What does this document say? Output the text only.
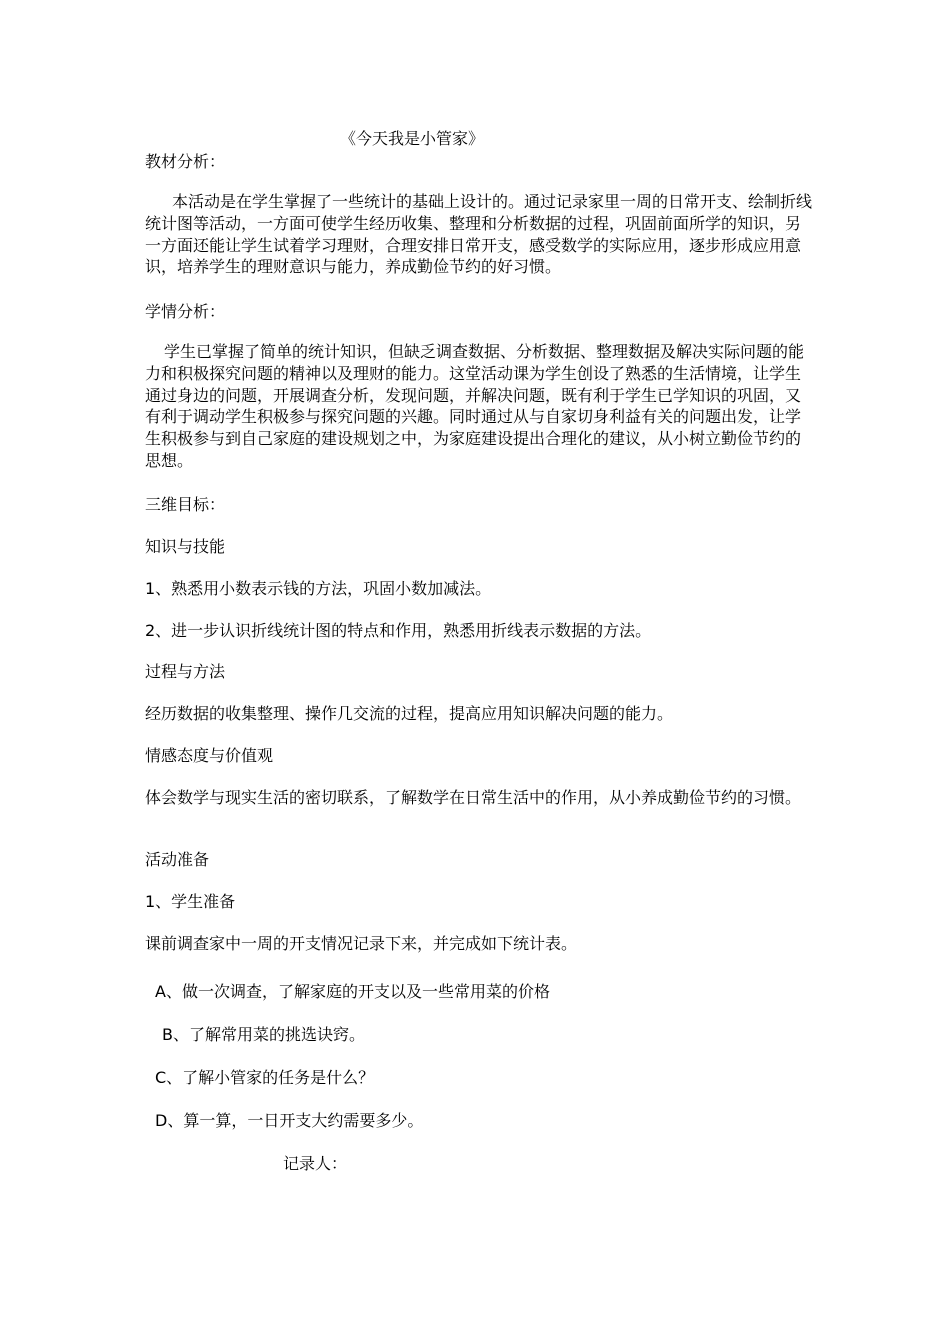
《今天我是小管家》

教材分析：

本活动是在学生掌握了一些统计的基础上设计的。通过记录家里一周的日常开支、绘制折线统计图等活动，一方面可使学生经历收集、整理和分析数据的过程，巩固前面所学的知识，另一方面还能让学生试着学习理财，合理安排日常开支，感受数学的实际应用，逐步形成应用意识，培养学生的理财意识与能力，养成勤俭节约的好习惯。

学情分析：

学生已掌握了简单的统计知识，但缺乏调查数据、分析数据、整理数据及解决实际问题的能力和积极探究问题的精神以及理财的能力。这堂活动课为学生创设了熟悉的生活情境，让学生通过身边的问题，开展调查分析，发现问题，并解决问题，既有利于学生已学知识的巩固，又有利于调动学生积极参与探究问题的兴趣。同时通过从与自家切身利益有关的问题出发，让学生积极参与到自己家庭的建设规划之中，为家庭建设提出合理化的建议，从小树立勤俭节约的思想。

三维目标：

知识与技能

1、熟悉用小数表示钱的方法，巩固小数加减法。

2、进一步认识折线统计图的特点和作用，熟悉用折线表示数据的方法。

过程与方法

经历数据的收集整理、操作几交流的过程，提高应用知识解决问题的能力。

情感态度与价值观

体会数学与现实生活的密切联系，了解数学在日常生活中的作用，从小养成勤俭节约的习惯。

活动准备

1、学生准备

课前调查家中一周的开支情况记录下来，并完成如下统计表。

A、做一次调查，了解家庭的开支以及一些常用菜的价格

B、了解常用菜的挑选诀窍。

C、了解小管家的任务是什么？

D、算一算，一日开支大约需要多少。

记录人：
